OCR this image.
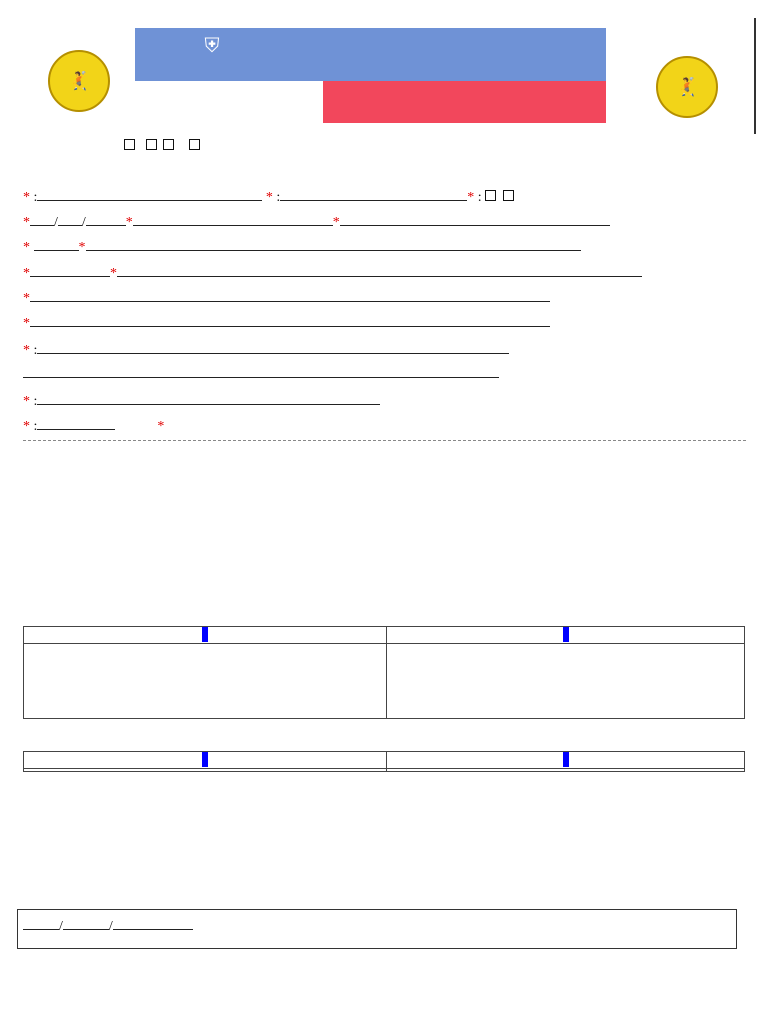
🤾
⛨
🤾

* :	* :	* :
* / /	*	*
*	*
*	*
*
*
* :
* :
* :	*

/	/
